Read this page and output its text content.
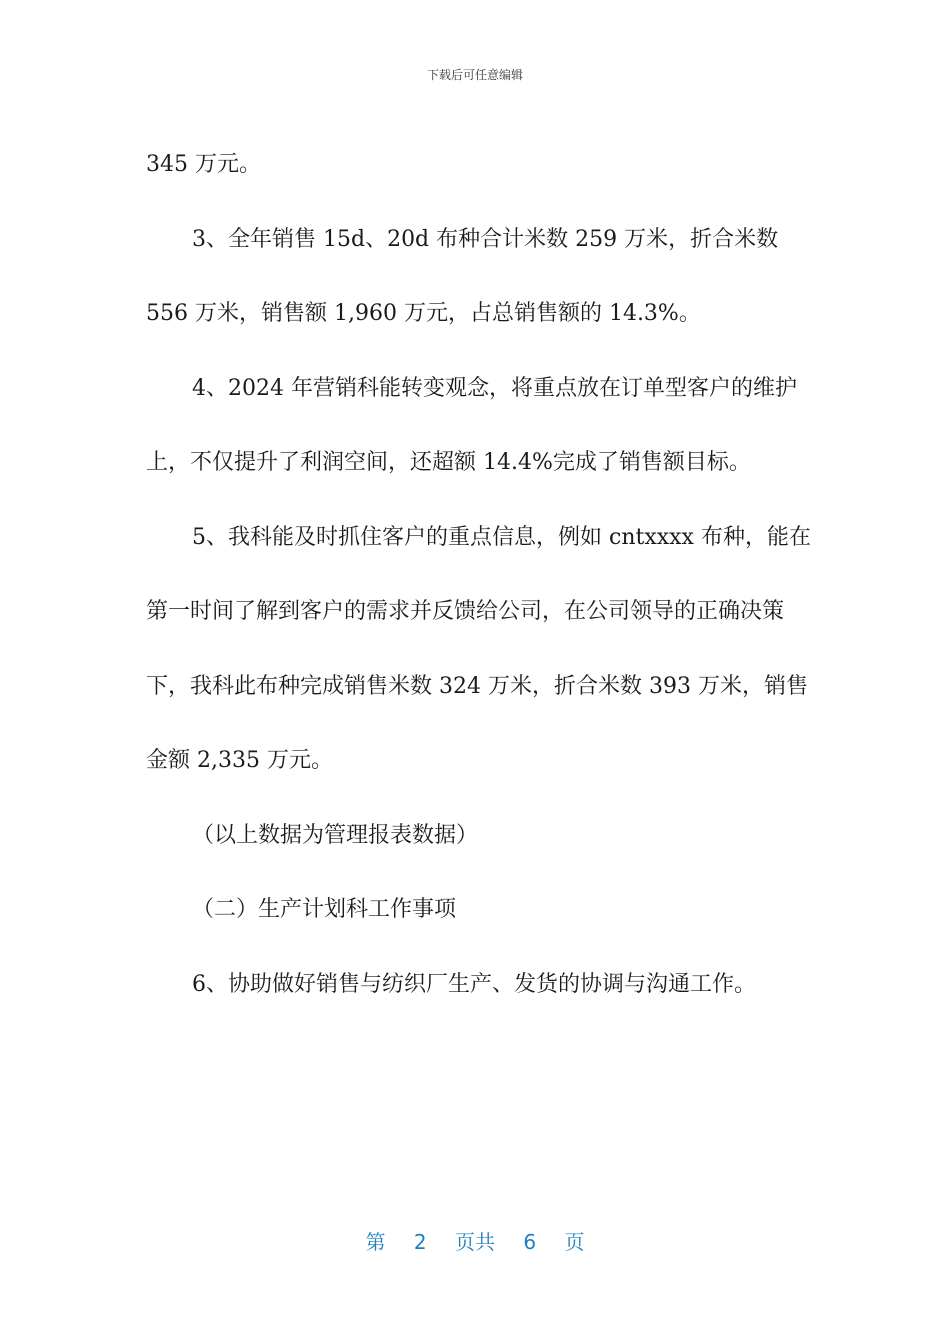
下载后可任意编辑

345 万元。

3、全年销售 15d、20d 布种合计米数 259 万米，折合米数 556 万米，销售额 1,960 万元，占总销售额的 14.3%。

4、2024 年营销科能转变观念，将重点放在订单型客户的维护上，不仅提升了利润空间，还超额 14.4%完成了销售额目标。

5、我科能及时抓住客户的重点信息，例如 cntxxxx 布种，能在第一时间了解到客户的需求并反馈给公司，在公司领导的正确决策下，我科此布种完成销售米数 324 万米，折合米数 393 万米，销售金额 2,335 万元。

（以上数据为管理报表数据）

（二）生产计划科工作事项

6、协助做好销售与纺织厂生产、发货的协调与沟通工作。

第 2 页共 6 页
